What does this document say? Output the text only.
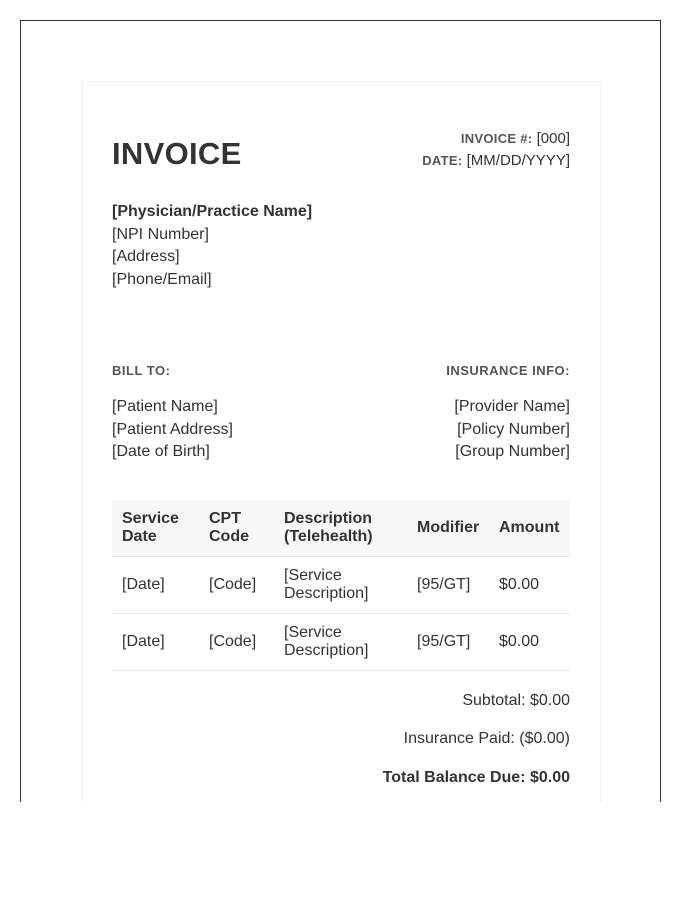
INVOICE	INVOICE #: [000]
DATE: [MM/DD/YYYY]
[Physician/Practice Name]
[NPI Number]
[Address]
[Phone/Email]
BILL TO:	INSURANCE INFO:
[Patient Name]
[Patient Address]
[Date of Birth]
[Provider Name]
[Policy Number]
[Group Number]
Service Date	CPT Code	Description (Telehealth)	Modifier	Amount
[Date]	[Code]	[Service Description]	[95/GT]	$0.00
[Date]	[Code]	[Service Description]	[95/GT]	$0.00
Subtotal: $0.00
Insurance Paid: ($0.00)
Total Balance Due: $0.00
